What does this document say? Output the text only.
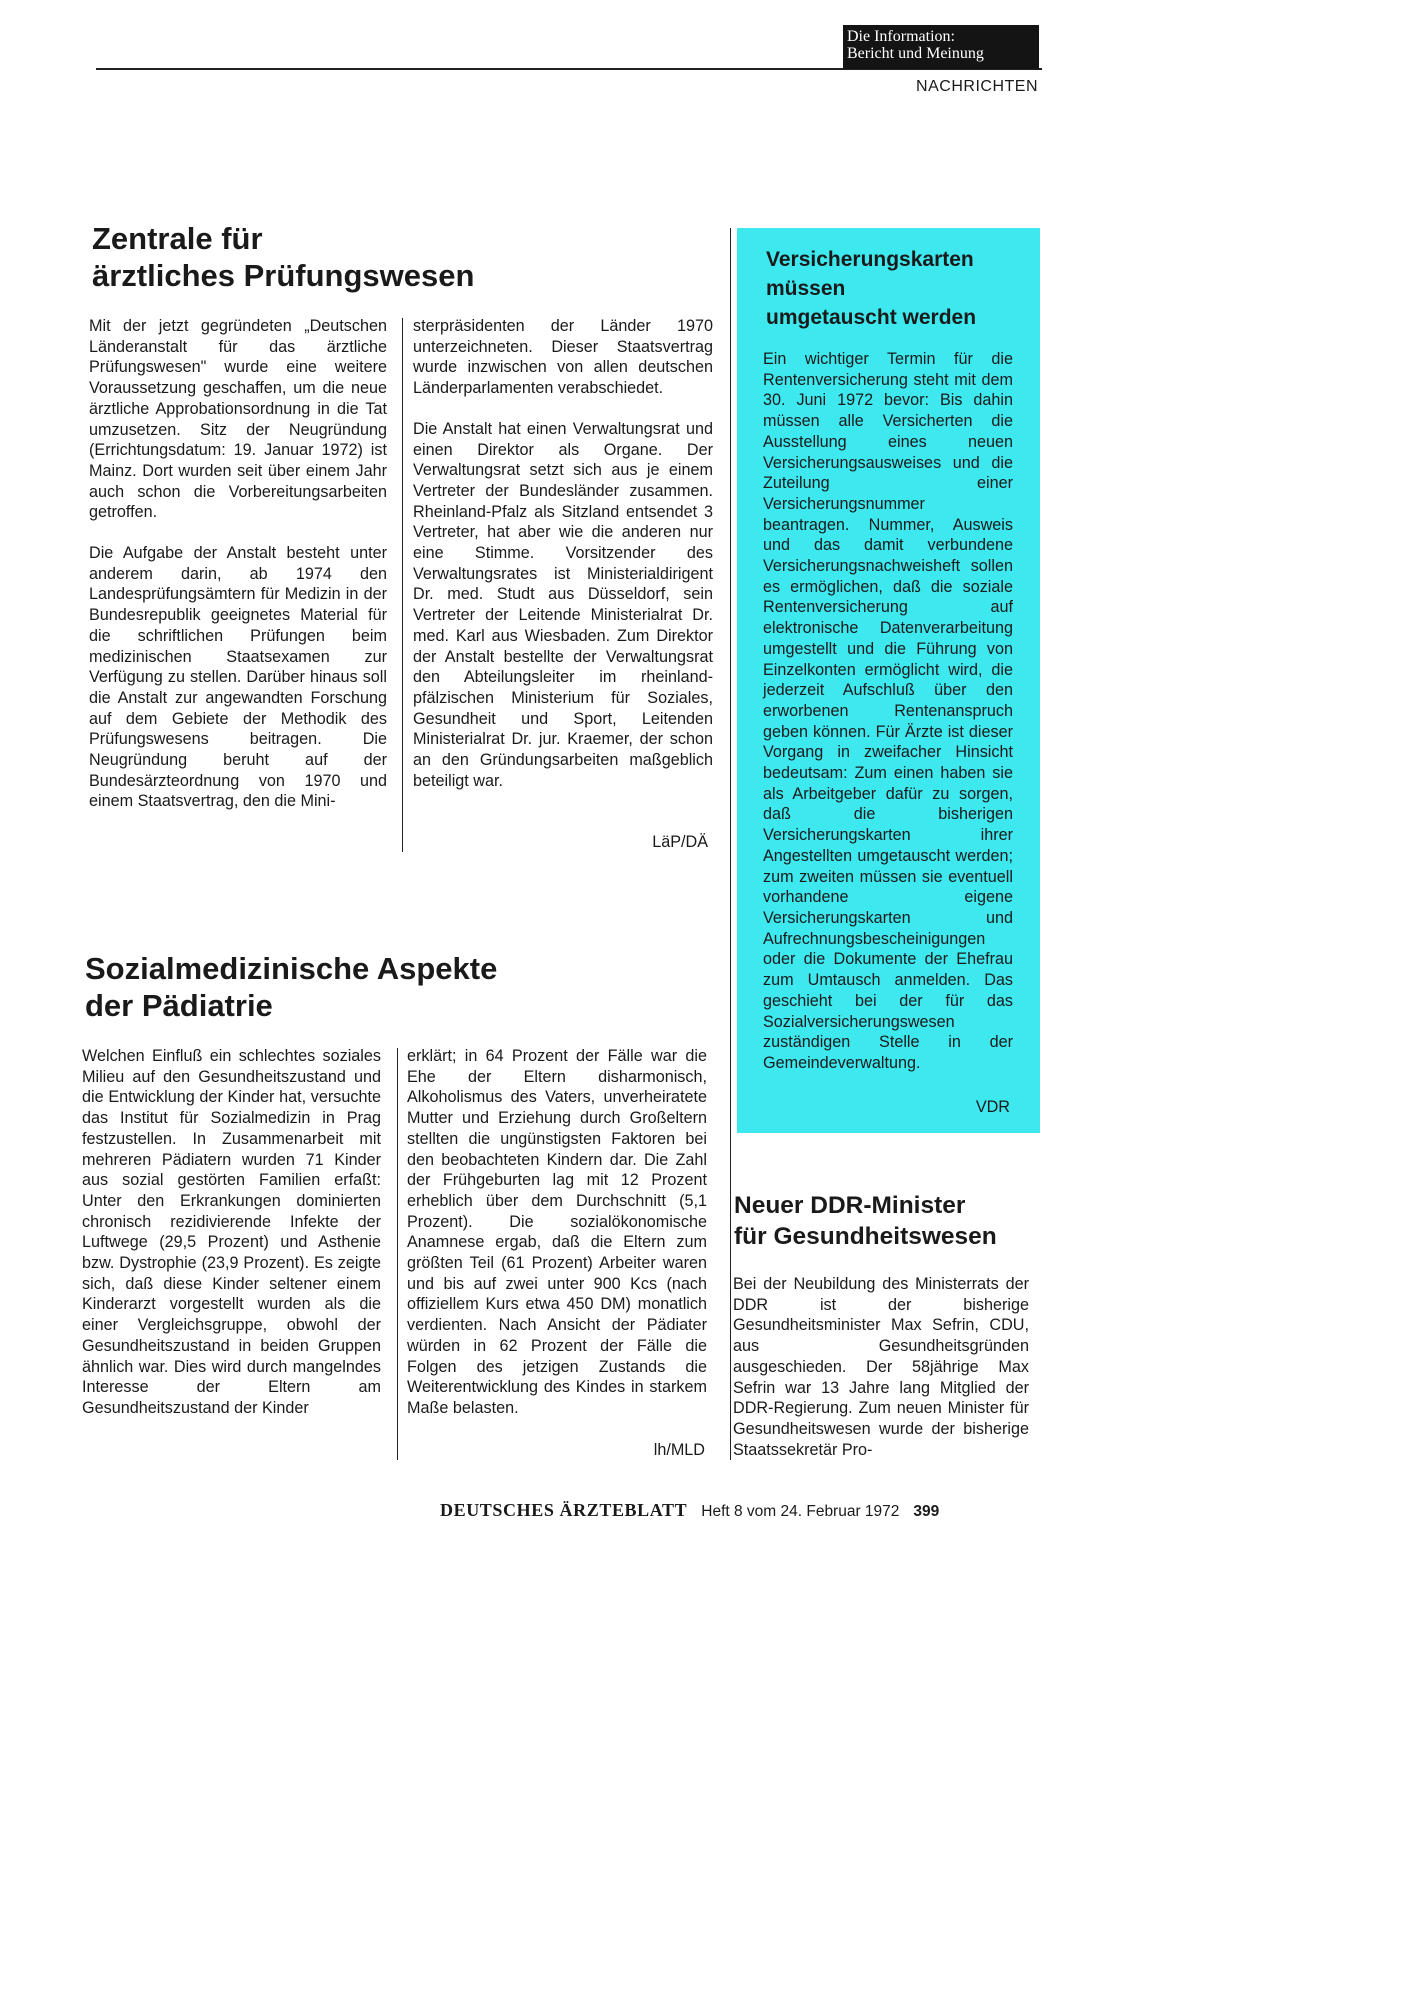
Die Information:
Bericht und Meinung
NACHRICHTEN
Zentrale für
ärztliches Prüfungswesen

Mit der jetzt gegründeten „Deutschen Länderanstalt für das ärztliche Prüfungswesen" wurde eine weitere Voraussetzung geschaffen, um die neue ärztliche Approbationsordnung in die Tat umzusetzen. Sitz der Neugründung (Errichtungsdatum: 19. Januar 1972) ist Mainz. Dort wurden seit über einem Jahr auch schon die Vorbereitungsarbeiten getroffen.

Die Aufgabe der Anstalt besteht unter anderem darin, ab 1974 den Landesprüfungsämtern für Medizin in der Bundesrepublik geeignetes Material für die schriftlichen Prüfungen beim medizinischen Staatsexamen zur Verfügung zu stellen. Darüber hinaus soll die Anstalt zur angewandten Forschung auf dem Gebiete der Methodik des Prüfungswesens beitragen. Die Neugründung beruht auf der Bundesärzteordnung von 1970 und einem Staatsvertrag, den die Mini-

sterpräsidenten der Länder 1970 unterzeichneten. Dieser Staatsvertrag wurde inzwischen von allen deutschen Länderparlamenten verabschiedet.

Die Anstalt hat einen Verwaltungsrat und einen Direktor als Organe. Der Verwaltungsrat setzt sich aus je einem Vertreter der Bundesländer zusammen. Rheinland-Pfalz als Sitzland entsendet 3 Vertreter, hat aber wie die anderen nur eine Stimme. Vorsitzender des Verwaltungsrates ist Ministerialdirigent Dr. med. Studt aus Düsseldorf, sein Vertreter der Leitende Ministerialrat Dr. med. Karl aus Wiesbaden. Zum Direktor der Anstalt bestellte der Verwaltungsrat den Abteilungsleiter im rheinland-pfälzischen Ministerium für Soziales, Gesundheit und Sport, Leitenden Ministerialrat Dr. jur. Kraemer, der schon an den Gründungsarbeiten maßgeblich beteiligt war.

LäP/DÄ
Sozialmedizinische Aspekte
der Pädiatrie

Welchen Einfluß ein schlechtes soziales Milieu auf den Gesundheitszustand und die Entwicklung der Kinder hat, versuchte das Institut für Sozialmedizin in Prag festzustellen. In Zusammenarbeit mit mehreren Pädiatern wurden 71 Kinder aus sozial gestörten Familien erfaßt: Unter den Erkrankungen dominierten chronisch rezidivierende Infekte der Luftwege (29,5 Prozent) und Asthenie bzw. Dystrophie (23,9 Prozent). Es zeigte sich, daß diese Kinder seltener einem Kinderarzt vorgestellt wurden als die einer Vergleichsgruppe, obwohl der Gesundheitszustand in beiden Gruppen ähnlich war. Dies wird durch mangelndes Interesse der Eltern am Gesundheitszustand der Kinder

erklärt; in 64 Prozent der Fälle war die Ehe der Eltern disharmonisch, Alkoholismus des Vaters, unverheiratete Mutter und Erziehung durch Großeltern stellten die ungünstigsten Faktoren bei den beobachteten Kindern dar. Die Zahl der Frühgeburten lag mit 12 Prozent erheblich über dem Durchschnitt (5,1 Prozent). Die sozialökonomische Anamnese ergab, daß die Eltern zum größten Teil (61 Prozent) Arbeiter waren und bis auf zwei unter 900 Kcs (nach offiziellem Kurs etwa 450 DM) monatlich verdienten. Nach Ansicht der Pädiater würden in 62 Prozent der Fälle die Folgen des jetzigen Zustands die Weiterentwicklung des Kindes in starkem Maße belasten.

lh/MLD
Versicherungskarten
müssen
umgetauscht werden

Ein wichtiger Termin für die Rentenversicherung steht mit dem 30. Juni 1972 bevor: Bis dahin müssen alle Versicherten die Ausstellung eines neuen Versicherungsausweises und die Zuteilung einer Versicherungsnummer beantragen. Nummer, Ausweis und das damit verbundene Versicherungsnachweisheft sollen es ermöglichen, daß die soziale Rentenversicherung auf elektronische Datenverarbeitung umgestellt und die Führung von Einzelkonten ermöglicht wird, die jederzeit Aufschluß über den erworbenen Rentenanspruch geben können. Für Ärzte ist dieser Vorgang in zweifacher Hinsicht bedeutsam: Zum einen haben sie als Arbeitgeber dafür zu sorgen, daß die bisherigen Versicherungskarten ihrer Angestellten umgetauscht werden; zum zweiten müssen sie eventuell vorhandene eigene Versicherungskarten und Aufrechnungsbescheinigungen oder die Dokumente der Ehefrau zum Umtausch anmelden. Das geschieht bei der für das Sozialversicherungswesen zuständigen Stelle in der Gemeindeverwaltung.

VDR
Neuer DDR-Minister
für Gesundheitswesen

Bei der Neubildung des Ministerrats der DDR ist der bisherige Gesundheitsminister Max Sefrin, CDU, aus Gesundheitsgründen ausgeschieden. Der 58jährige Max Sefrin war 13 Jahre lang Mitglied der DDR-Regierung. Zum neuen Minister für Gesundheitswesen wurde der bisherige Staatssekretär Pro-

DEUTSCHES ÄRZTEBLATT Heft 8 vom 24. Februar 1972 399
